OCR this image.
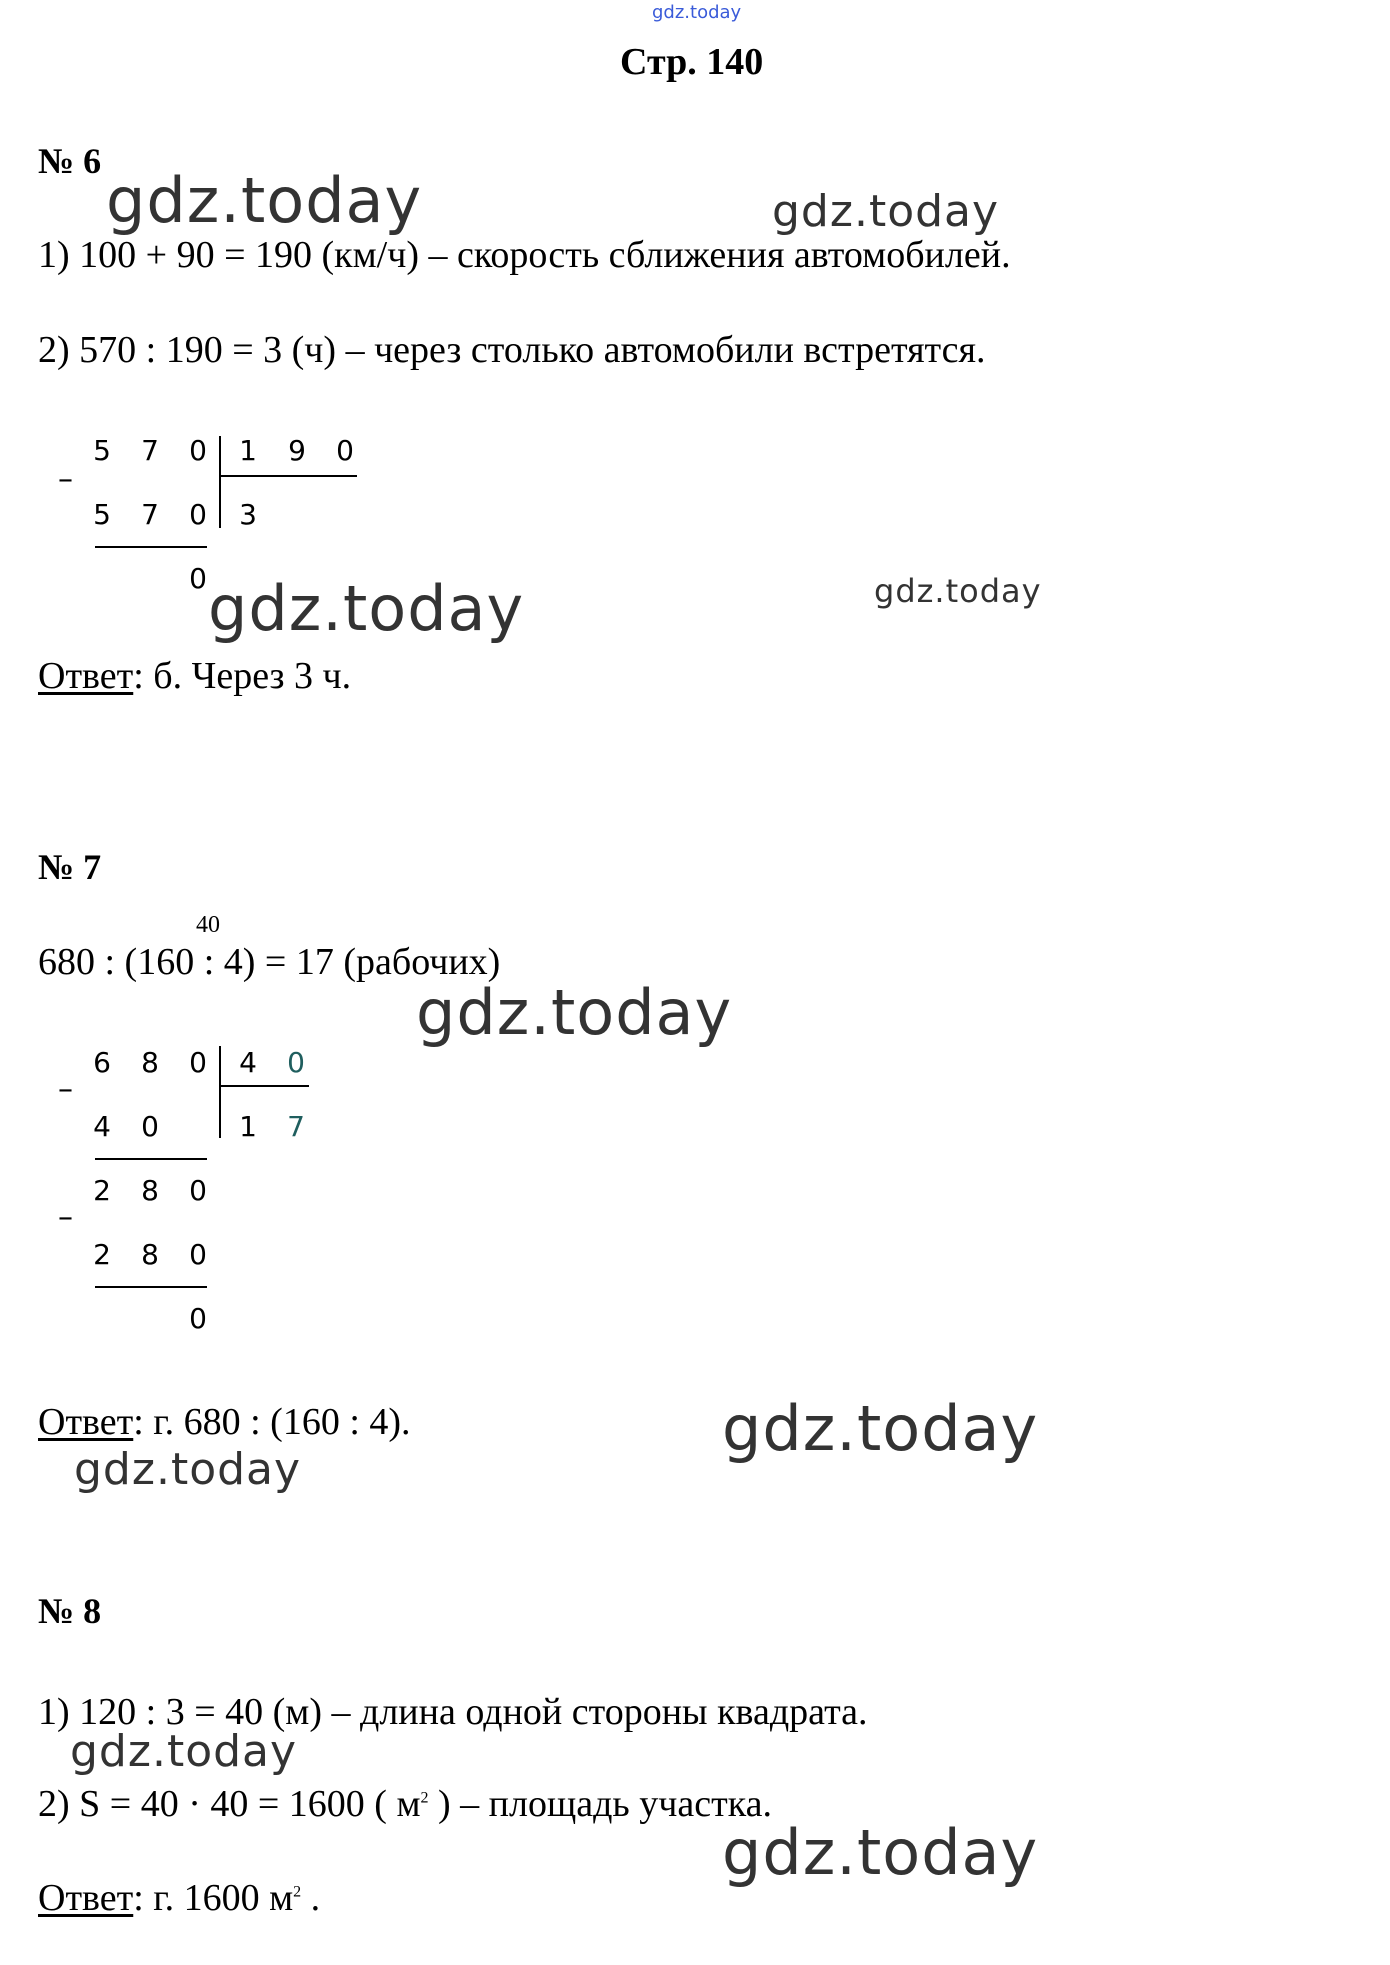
gdz.today
Стр. 140
№ 6
gdz.today	gdz.today
1) 100 + 90 = 190 (км/ч) – скорость сближения автомобилей.
2) 570 : 190 = 3 (ч) – через столько автомобили встретятся.
–
5 7 0 1 9 0
5 7 0 3
0 gdz.today	gdz.today
Ответ: б. Через 3 ч.
№ 7
40
680 : (160 : 4) = 17 (рабочих)
gdz.today
–
6 8 0 4 0
4 0	1 7
–
2 8 0
2 8 0
0
Ответ: г. 680 : (160 : 4).	gdz.today
gdz.today
№ 8
1) 120 : 3 = 40 (м) – длина одной стороны квадрата.
gdz.today
2) S = 40 · 40 = 1600 ( $м^2$ ) – площадь участка.
gdz.today
Ответ: г. 1600 $м^2$ .
